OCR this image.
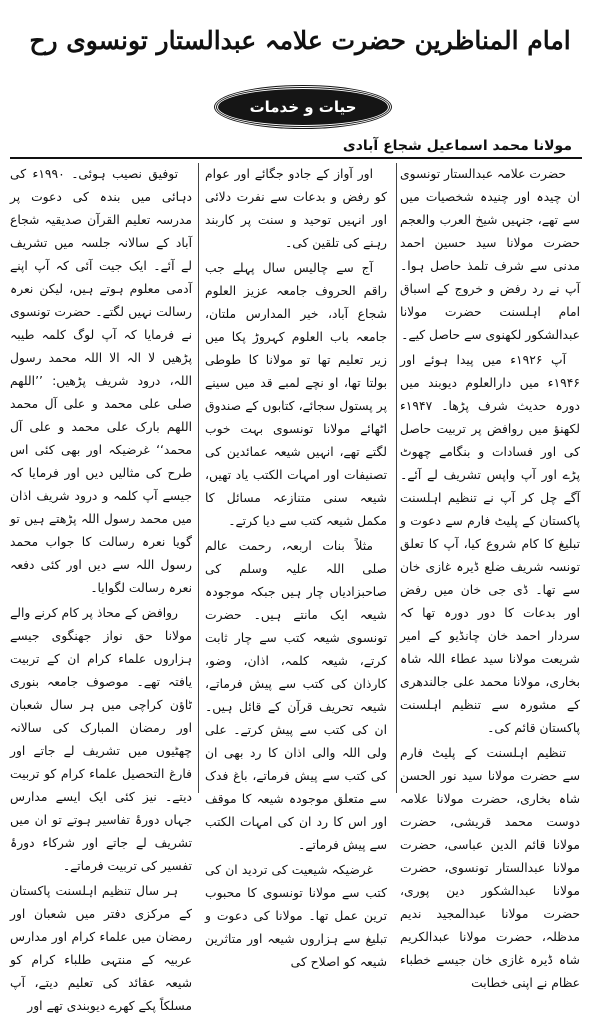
امام المناظرین حضرت علامہ عبدالستار تونسوی رح
حیات و خدمات
مولانا محمد اسماعیل شجاع آبادی

حضرت علامہ عبدالستار تونسوی ان چیدہ اور چنیدہ شخصیات میں سے تھے، جنہیں شیخ العرب والعجم حضرت مولانا سید حسین احمد مدنی سے شرف تلمذ حاصل ہوا۔ آپ نے رد رفض و خروج کے اسباق امام اہلسنت حضرت مولانا عبدالشکور لکھنوی سے حاصل کیے۔

آپ ۱۹۲۶ء میں پیدا ہوئے اور ۱۹۴۶ء میں دارالعلوم دیوبند میں دورہ حدیث شرف پڑھا۔ ۱۹۴۷ء لکھنؤ میں روافض پر تربیت حاصل کی اور فسادات و بنگامے چھوٹ پڑے اور آپ واپس تشریف لے آئے۔ آگے چل کر آپ نے تنظیم اہلسنت پاکستان کے پلیٹ فارم سے دعوت و تبلیغ کا کام شروع کیا، آپ کا تعلق تونسہ شریف ضلع ڈیرہ غازی خان سے تھا۔ ڈی جی خان میں رفض اور بدعات کا دور دورہ تھا کہ سردار احمد خان چانڈیو کے امیر شریعت مولانا سید عطاء اللہ شاہ بخاری، مولانا محمد علی جالندھری کے مشورہ سے تنظیم اہلسنت پاکستان قائم کی۔

تنظیم اہلسنت کے پلیٹ فارم سے حضرت مولانا سید نور الحسن شاہ بخاری، حضرت مولانا علامہ دوست محمد قریشی، حضرت مولانا قائم الدین عباسی، حضرت مولانا عبدالستار تونسوی، حضرت مولانا عبدالشکور دین پوری، حضرت مولانا عبدالمجید ندیم مدظلہ، حضرت مولانا عبدالکریم شاہ ڈیرہ غازی خان جیسے خطباء عظام نے اپنی خطابت

اور آواز کے جادو جگائے اور عوام کو رفض و بدعات سے نفرت دلائی اور انہیں توحید و سنت پر کاربند رہنے کی تلقین کی۔

آج سے چالیس سال پہلے جب راقم الحروف جامعہ عزیز العلوم شجاع آباد، خیر المدارس ملتان، جامعہ باب العلوم کہروڑ پکا میں زیر تعلیم تھا تو مولانا کا طوطی بولتا تھا، او نچے لمبے قد میں سینے پر پستول سجائے، کتابوں کے صندوق اٹھائے مولانا تونسوی بہت خوب لگتے تھے، انہیں شیعہ عمائدین کی تصنیفات اور امہات الکتب یاد تھیں، شیعہ سنی متنازعہ مسائل کا مکمل شیعہ کتب سے دیا کرتے۔

مثلاً بنات اربعہ، رحمت عالم صلی اللہ علیہ وسلم کی صاحبزادیاں چار ہیں جبکہ موجودہ شیعہ ایک مانتے ہیں۔ حضرت تونسوی شیعہ کتب سے چار ثابت کرتے، شیعہ کلمہ، اذان، وضو، کارذان کی کتب سے پیش فرماتے، شیعہ تحریف قرآن کے قائل ہیں۔ ان کی کتب سے پیش کرتے۔ علی ولی اللہ والی اذان کا رد بھی ان کی کتب سے پیش فرماتے، باغ فدک سے متعلق موجودہ شیعہ کا موقف اور اس کا رد ان کی امہات الکتب سے پیش فرماتے۔

غرضیکہ شیعیت کی تردید ان کی کتب سے مولانا تونسوی کا محبوب ترین عمل تھا۔ مولانا کی دعوت و تبلیغ سے ہزاروں شیعہ اور متاثرین شیعہ کو اصلاح کی

توفیق نصیب ہوئی۔ ۱۹۹۰ء کی دہائی میں بندہ کی دعوت پر مدرسہ تعلیم القرآن صدیقیہ شجاع آباد کے سالانہ جلسہ میں تشریف لے آئے۔ ایک جیت آئی کہ آپ اپنے آدمی معلوم ہوتے ہیں، لیکن نعرہ رسالت نہیں لگتے۔ حضرت تونسوی نے فرمایا کہ آپ لوگ کلمہ طیبہ پڑھیں لا الہ الا اللہ محمد رسول اللہ، درود شریف پڑھیں: ’’اللھم صلی علی محمد و علی آل محمد اللھم بارک علی محمد و علی آل محمد‘‘ غرضیکہ اور بھی کئی اس طرح کی مثالیں دیں اور فرمایا کہ جیسے آپ کلمہ و درود شریف اذان میں محمد رسول اللہ پڑھتے ہیں تو گویا نعرہ رسالت کا جواب محمد رسول اللہ سے دیں اور کئی دفعہ نعرہ رسالت لگوایا۔

روافض کے محاذ پر کام کرنے والے مولانا حق نواز جھنگوی جیسے ہزاروں علماء کرام ان کے تربیت یافتہ تھے۔ موصوف جامعہ بنوری ٹاؤن کراچی میں ہر سال شعبان اور رمضان المبارک کی سالانہ چھٹیوں میں تشریف لے جاتے اور فارغ التحصیل علماء کرام کو تربیت دیتے۔ نیز کئی ایک ایسے مدارس جہاں دورۂ تفاسیر ہوتے تو ان میں تشریف لے جاتے اور شرکاء دورۂ تفسیر کی تربیت فرماتے۔

ہر سال تنظیم اہلسنت پاکستان کے مرکزی دفتر میں شعبان اور رمضان میں علماء کرام اور مدارس عربیہ کے منتہی طلباء کرام کو شیعہ عقائد کی تعلیم دیتے، آپ مسلکاً پکے کھرے دیوبندی تھے اور
